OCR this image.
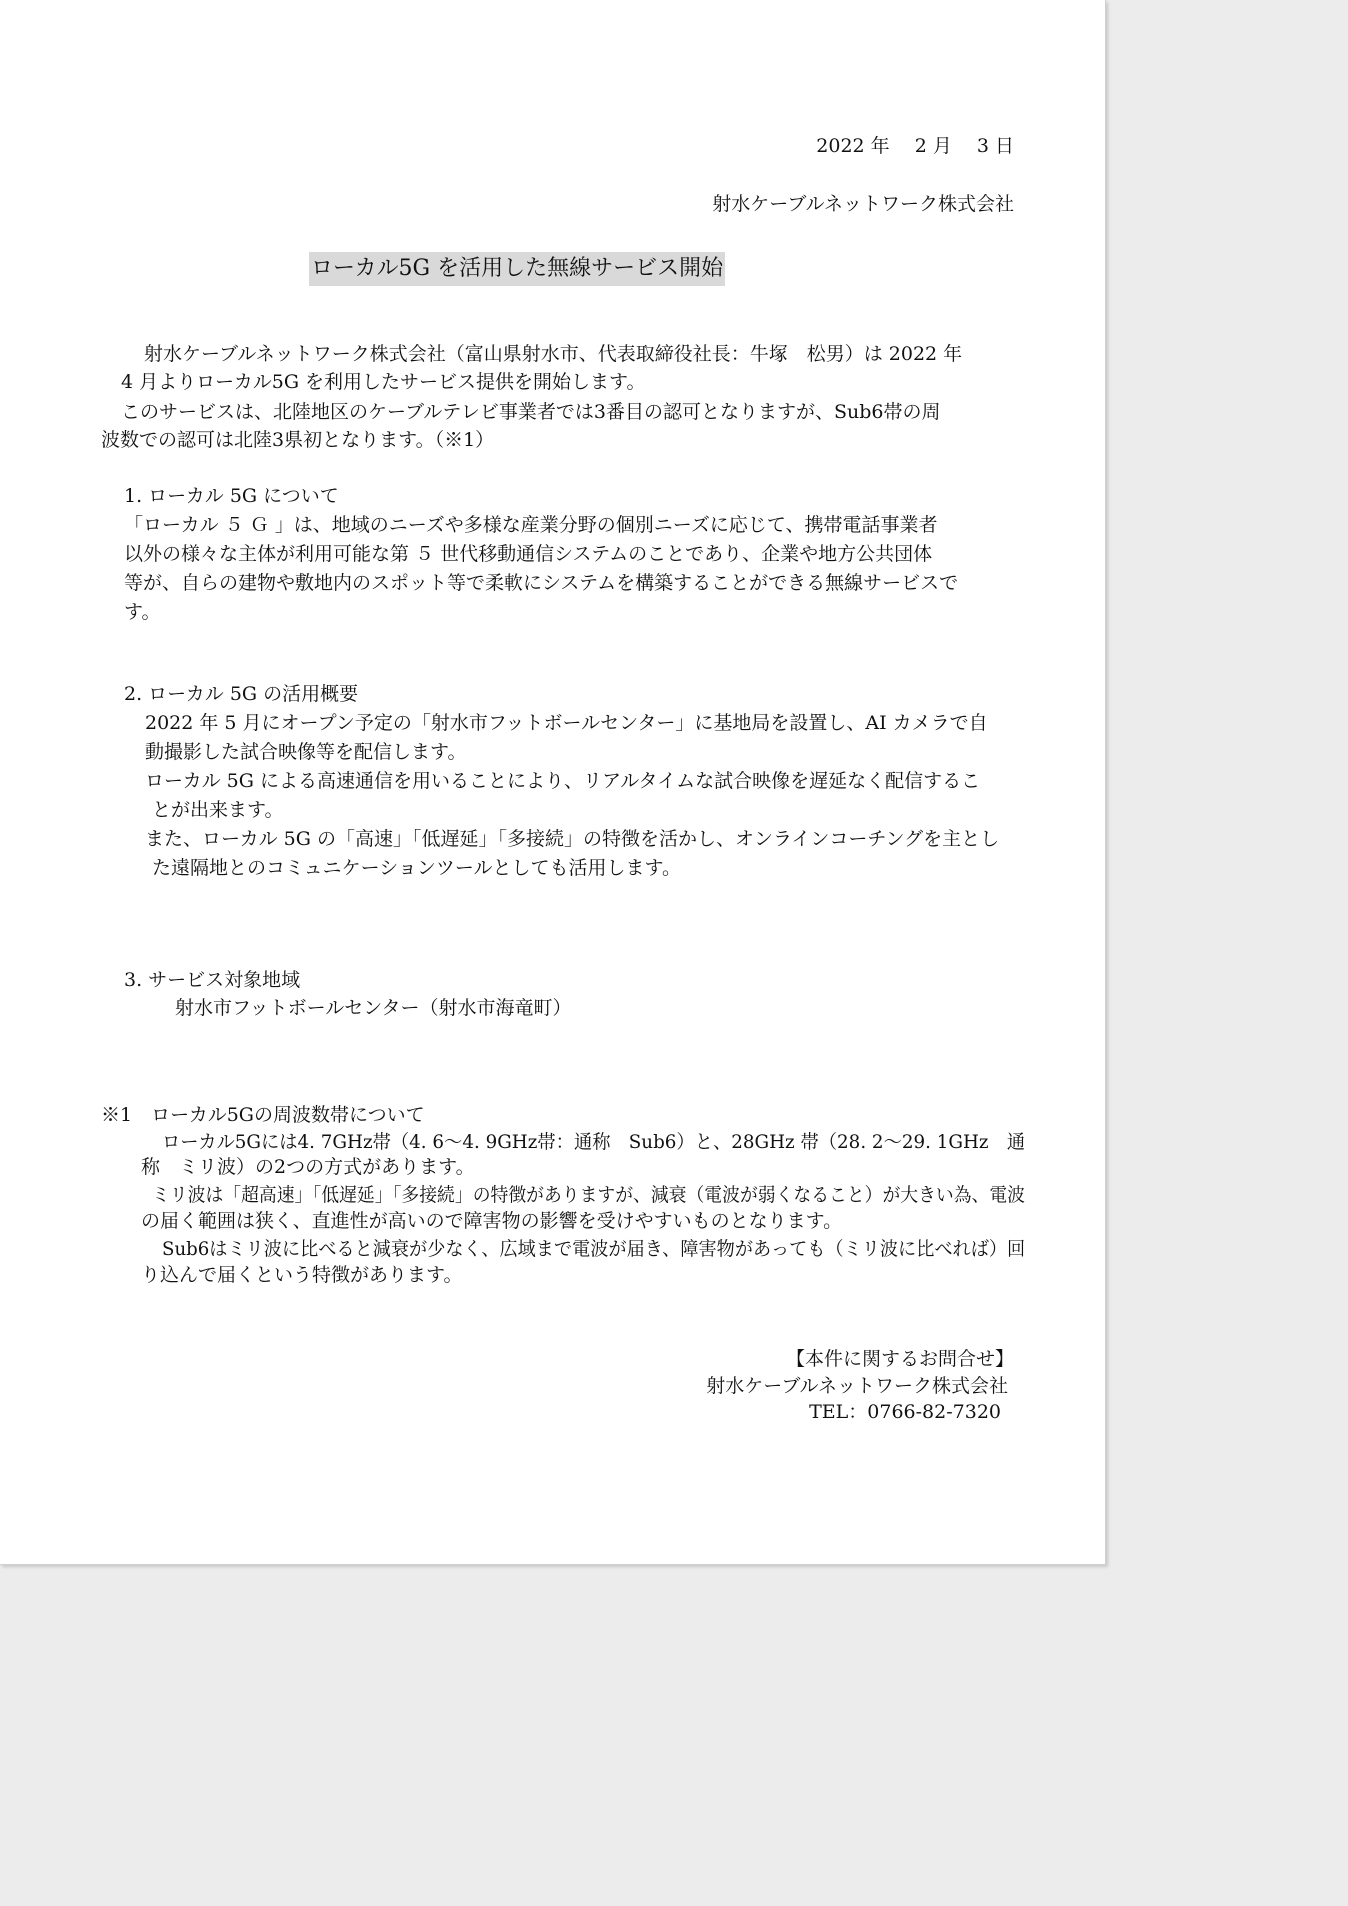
2022 年　 2 月　 3 日
射水ケーブルネットワーク株式会社
ローカル5G を活用した無線サービス開始
射水ケーブルネットワーク株式会社（富山県射水市、代表取締役社長：牛塚　松男）は 2022 年
4 月よりローカル5G を利用したサービス提供を開始します。
このサービスは、北陸地区のケーブルテレビ事業者では3番目の認可となりますが、Sub6帯の周
波数での認可は北陸3県初となります。（※1）
1. ローカル 5G について
「ローカル ５ Ｇ 」は、地域のニーズや多様な産業分野の個別ニーズに応じて、携帯電話事業者
以外の様々な主体が利用可能な第 ５ 世代移動通信システムのことであり、企業や地方公共団体
等が、自らの建物や敷地内のスポット等で柔軟にシステムを構築することができる無線サービスで
す。
2. ローカル 5G の活用概要
2022 年 5 月にオープン予定の「射水市フットボールセンター」に基地局を設置し、AI カメラで自
動撮影した試合映像等を配信します。
ローカル 5G による高速通信を用いることにより、リアルタイムな試合映像を遅延なく配信するこ
とが出来ます。
また、ローカル 5G の「高速」「低遅延」「多接続」の特徴を活かし、オンラインコーチングを主とし
た遠隔地とのコミュニケーションツールとしても活用します。
3. サービス対象地域
射水市フットボールセンター（射水市海竜町）
※1　ローカル5Gの周波数帯について
ローカル5Gには4. 7GHz帯（4. 6～4. 9GHz帯：通称　Sub6）と、28GHz 帯（28. 2～29. 1GHz　通
称　ミリ波）の2つの方式があります。
ミリ波は「超高速」「低遅延」「多接続」の特徴がありますが、減衰（電波が弱くなること）が大きい為、電波
の届く範囲は狭く、直進性が高いので障害物の影響を受けやすいものとなります。
Sub6はミリ波に比べると減衰が少なく、広域まで電波が届き、障害物があっても（ミリ波に比べれば）回
り込んで届くという特徴があります。
【本件に関するお問合せ】
射水ケーブルネットワーク株式会社
TEL：0766-82-7320
